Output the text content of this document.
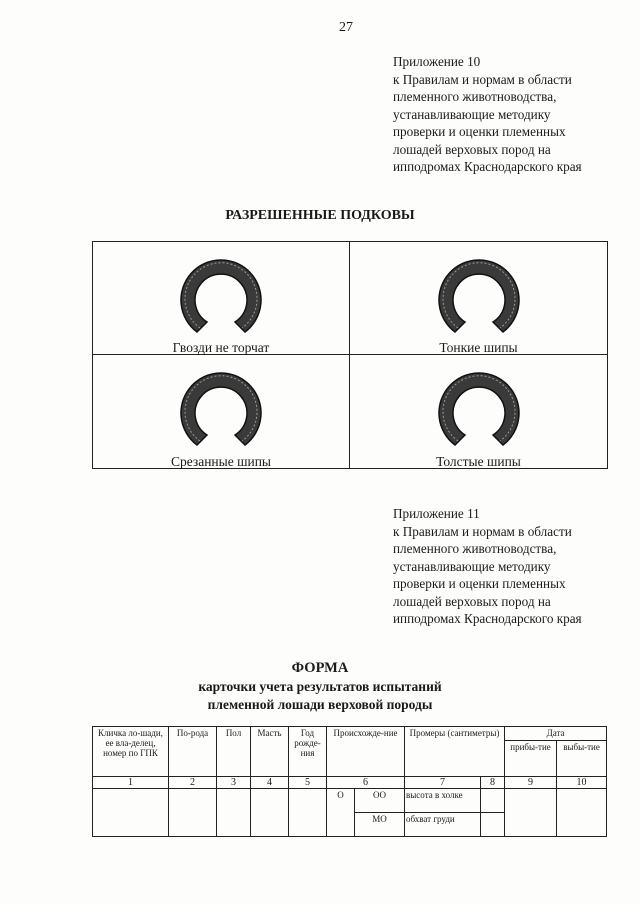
27
Приложение 10
к Правилам и нормам в области
племенного животноводства,
устанавливающие методику
проверки и оценки племенных
лошадей верховых пород на
ипподромах Краснодарского края
РАЗРЕШЕННЫЕ ПОДКОВЫ
Гвозди не торчат	Тонкие шипы
Срезанные шипы	Толстые шипы
Приложение 11
к Правилам и нормам в области
племенного животноводства,
устанавливающие методику
проверки и оценки племенных
лошадей верховых пород на
ипподромах Краснодарского края
ФОРМА
карточки учета результатов испытаний
племенной лошади верховой породы
Кличка ло-шади, ее вла-делец, номер по ГПК	По-рода	Пол	Масть	Год рожде-ния	Происхожде-ние		Промеры (сантиметры)		Дата	
									прибы-тие	выбы-тие
1	2	3	4	5	6		7	8	9	10
					О	ОО	высота в холке			
						МО	обхват груди			
